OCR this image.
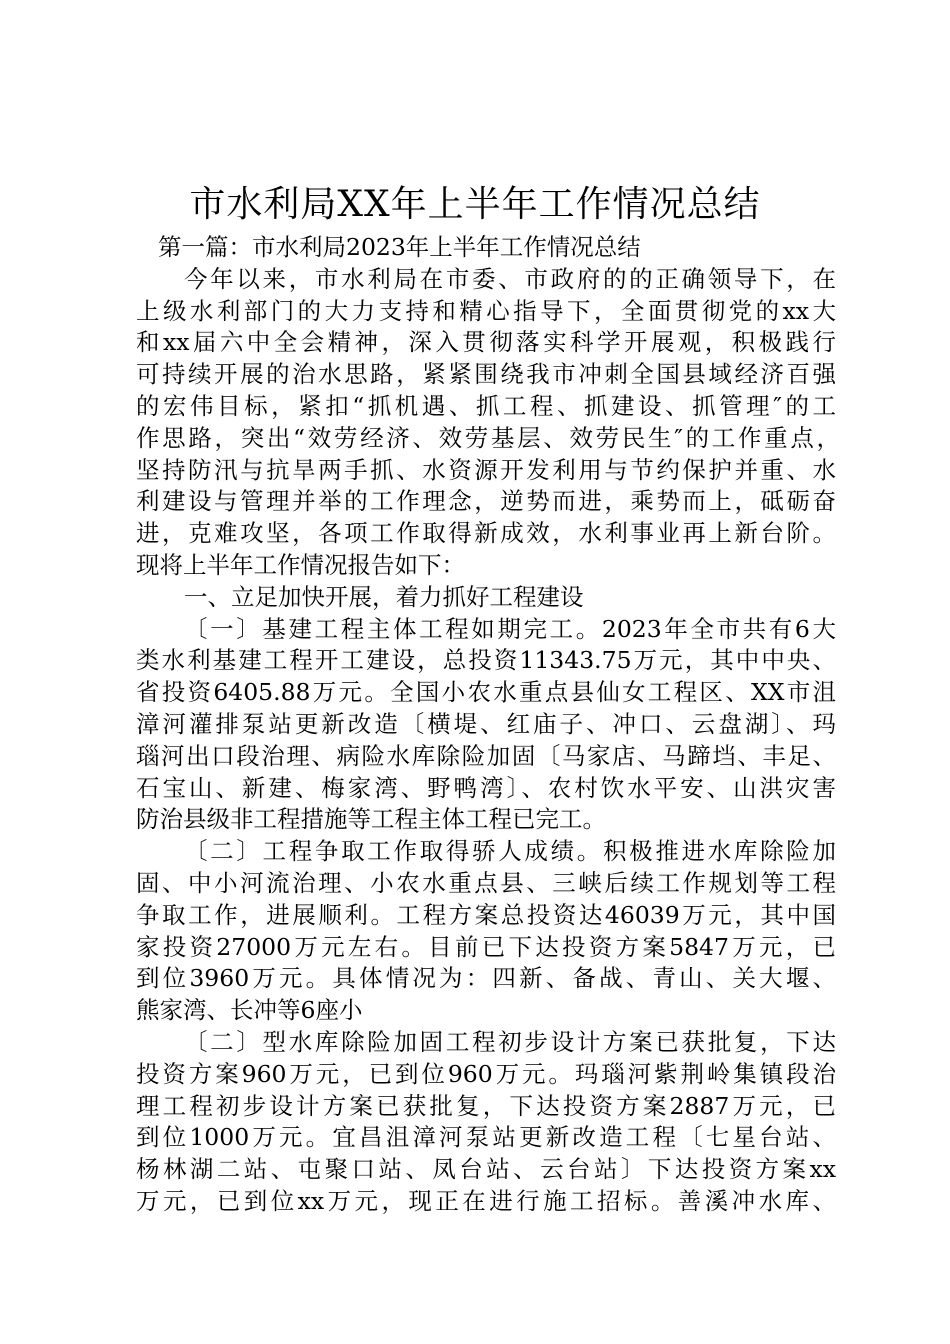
市水利局XX年上半年工作情况总结
第一篇：市水利局2023年上半年工作情况总结
今年以来，市水利局在市委、市政府的的正确领导下，在
上级水利部门的大力支持和精心指导下，全面贯彻党的xx大
和xx届六中全会精神，深入贯彻落实科学开展观，积极践行
可持续开展的治水思路，紧紧围绕我市冲刺全国县域经济百强
的宏伟目标，紧扣“抓机遇、抓工程、抓建设、抓管理″的工
作思路，突出“效劳经济、效劳基层、效劳民生″的工作重点，
坚持防汛与抗旱两手抓、水资源开发利用与节约保护并重、水
利建设与管理并举的工作理念，逆势而进，乘势而上，砥砺奋
进，克难攻坚，各项工作取得新成效，水利事业再上新台阶。
现将上半年工作情况报告如下：
一、立足加快开展，着力抓好工程建设
〔一〕基建工程主体工程如期完工。2023年全市共有6大
类水利基建工程开工建设，总投资11343.75万元，其中中央、
省投资6405.88万元。全国小农水重点县仙女工程区、XX市沮
漳河灌排泵站更新改造〔横堤、红庙子、冲口、云盘湖〕、玛
瑙河出口段治理、病险水库除险加固〔马家店、马蹄垱、丰足、
石宝山、新建、梅家湾、野鸭湾〕、农村饮水平安、山洪灾害
防治县级非工程措施等工程主体工程已完工。
〔二〕工程争取工作取得骄人成绩。积极推进水库除险加
固、中小河流治理、小农水重点县、三峡后续工作规划等工程
争取工作，进展顺利。工程方案总投资达46039万元，其中国
家投资27000万元左右。目前已下达投资方案5847万元，已
到位3960万元。具体情况为：四新、备战、青山、关大堰、
熊家湾、长冲等6座小
〔二〕型水库除险加固工程初步设计方案已获批复，下达
投资方案960万元，已到位960万元。玛瑙河紫荆岭集镇段治
理工程初步设计方案已获批复，下达投资方案2887万元，已
到位1000万元。宜昌沮漳河泵站更新改造工程〔七星台站、
杨林湖二站、屯聚口站、凤台站、云台站〕下达投资方案xx
万元，已到位xx万元，现正在进行施工招标。善溪冲水库、
